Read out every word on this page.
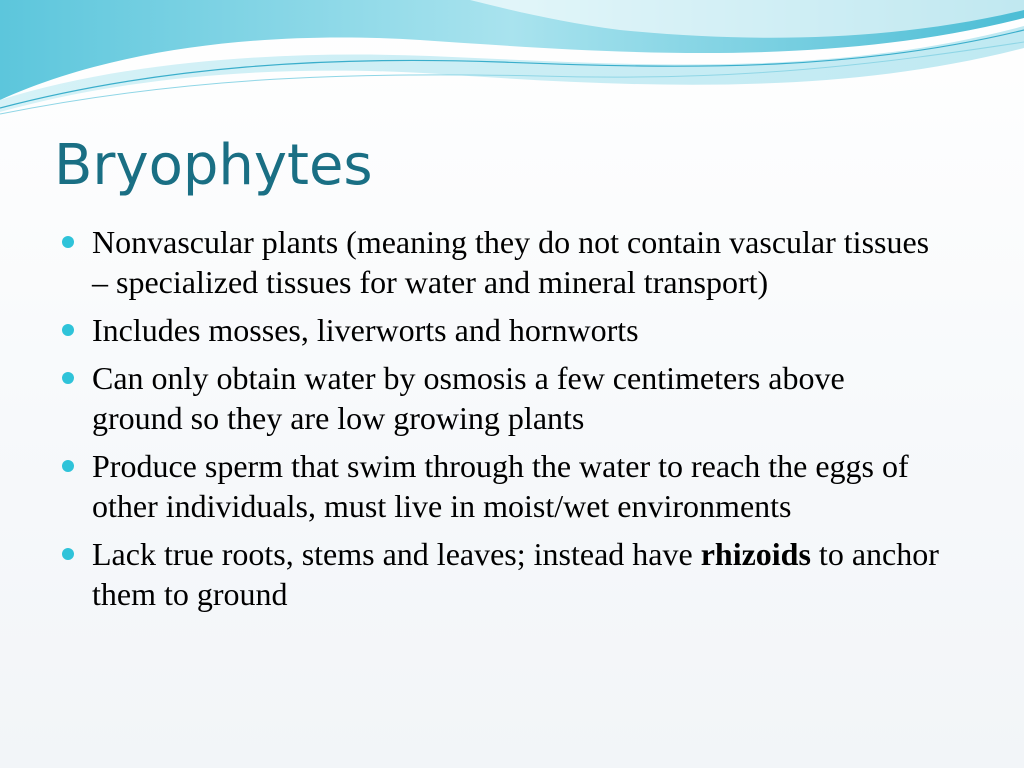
Bryophytes
Nonvascular plants (meaning they do not contain vascular tissues – specialized tissues for water and mineral transport)
Includes mosses, liverworts and hornworts
Can only obtain water by osmosis a few centimeters above ground so they are low growing plants
Produce sperm that swim through the water to reach the eggs of other individuals, must live in moist/wet environments
Lack true roots, stems and leaves; instead have rhizoids to anchor them to ground
